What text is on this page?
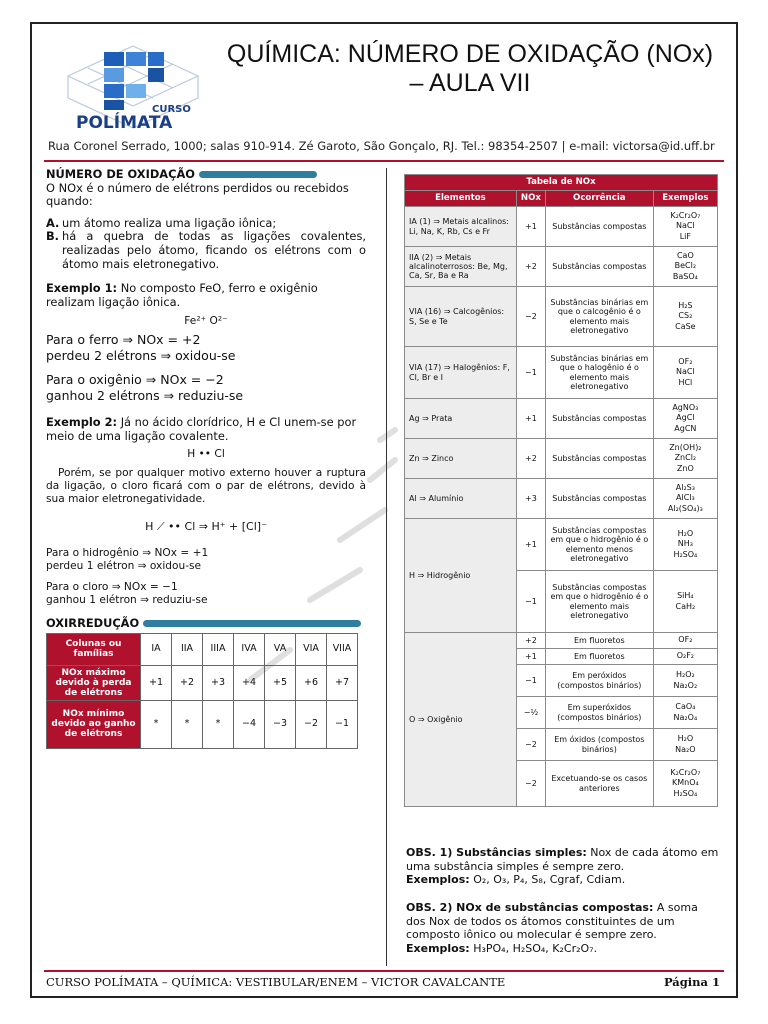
CURSO
POLÍMATA
QUÍMICA: NÚMERO DE OXIDAÇÃO (NOx)
– AULA VII
Rua Coronel Serrado, 1000; salas 910-914. Zé Garoto, São Gonçalo, RJ. Tel.: 98354-2507 | e-mail: victorsa@id.uff.br
NÚMERO DE OXIDAÇÃO

O NOx é o número de elétrons perdidos ou recebidos quando:

A. um átomo realiza uma ligação iônica;
B. há a quebra de todas as ligações covalentes, realizadas pelo átomo, ficando os elétrons com o átomo mais eletronegativo.

Exemplo 1: No composto FeO, ferro e oxigênio realizam ligação iônica.

Fe²⁺ O²⁻
Para o ferro ⇒ NOx = +2
perdeu 2 elétrons ⇒ oxidou-se
Para o oxigênio ⇒ NOx = −2
ganhou 2 elétrons ⇒ reduziu-se

Exemplo 2: Já no ácido clorídrico, H e Cl unem-se por meio de uma ligação covalente.

H •• Cl

Porém, se por qualquer motivo externo houver a ruptura da ligação, o cloro ficará com o par de elétrons, devido à sua maior eletronegatividade.

H ⟋ •• Cl ⇒ H⁺ + [Cl]⁻
Para o hidrogênio ⇒ NOx = +1
perdeu 1 elétron ⇒ oxidou-se
Para o cloro ⇒ NOx = −1
ganhou 1 elétron ⇒ reduziu-se
OXIRREDUÇÃO
Colunas ou famílias	IA	IIA	IIIA	IVA	VA	VIA	VIIA
NOx máximo devido à perda de elétrons	+1	+2	+3	+4	+5	+6	+7
NOx mínimo devido ao ganho de elétrons	*	*	*	−4	−3	−2	−1
Tabela de NOx			
Elementos	NOx	Ocorrência	Exemplos
IA (1) ⇒ Metais alcalinos: Li, Na, K, Rb, Cs e Fr	+1	Substâncias compostas	K₂Cr₂O₇
NaCl
LiF

IIA (2) ⇒ Metais alcalinoterrosos: Be, Mg, Ca, Sr, Ba e Ra	+2	Substâncias compostas	CaO
BeCl₂
BaSO₄

VIA (16) ⇒ Calcogênios: S, Se e Te	−2	Substâncias binárias em que o calcogênio é o elemento mais eletronegativo	H₂S
CS₂
CaSe

VIA (17) ⇒ Halogênios: F, Cl, Br e I	−1	Substâncias binárias em que o halogênio é o elemento mais eletronegativo	OF₂
NaCl
HCl

Ag ⇒ Prata	+1	Substâncias compostas	AgNO₃
AgCl
AgCN

Zn ⇒ Zinco	+2	Substâncias compostas	Zn(OH)₂
ZnCl₂
ZnO

Al ⇒ Alumínio	+3	Substâncias compostas	Al₂S₃
AlCl₃
Al₂(SO₄)₃

H ⇒ Hidrogênio	+1	Substâncias compostas em que o hidrogênio é o elemento menos eletronegativo	H₂O
NH₃
H₂SO₄

	−1	Substâncias compostas em que o hidrogênio é o elemento mais eletronegativo	SiH₄
CaH₂

O ⇒ Oxigênio	+2	Em fluoretos	OF₂

	+1	Em fluoretos	O₂F₂

	−1	Em peróxidos (compostos binários)	H₂O₂
Na₂O₂

	−½	Em superóxidos (compostos binários)	CaO₄
Na₂O₄

	−2	Em óxidos (compostos binários)	H₂O
Na₂O

	−2	Excetuando-se os casos anteriores	K₂Cr₂O₇
KMnO₄
H₂SO₄

OBS. 1) Substâncias simples: Nox de cada átomo em uma substância simples é sempre zero.

Exemplos: O₂, O₃, P₄, S₈, Cgraf, Cdiam.

OBS. 2) NOx de substâncias compostas: A soma dos Nox de todos os átomos constituintes de um composto iônico ou molecular é sempre zero.

Exemplos: H₃PO₄, H₂SO₄, K₂Cr₂O₇.

CURSO POLÍMATA – QUÍMICA: VESTIBULAR/ENEM – VICTOR CAVALCANTE	Página 1
